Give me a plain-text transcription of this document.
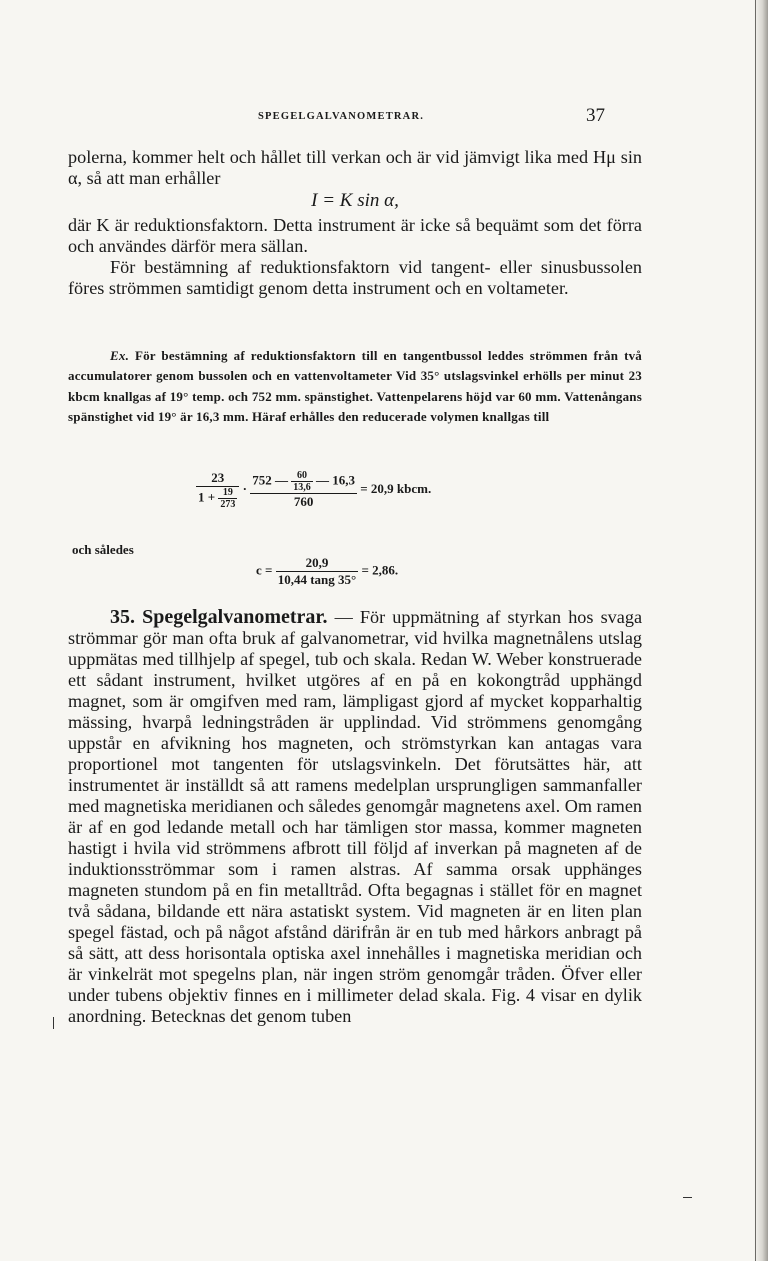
SPEGELGALVANOMETRAR.	37

polerna, kommer helt och hållet till verkan och är vid jämvigt lika med Hμ sin α, så att man erhåller

I = K sin α,

där K är reduktionsfaktorn. Detta instrument är icke så bequämt som det förra och användes därför mera sällan.

För bestämning af reduktionsfaktorn vid tangent- eller sinusbussolen föres strömmen samtidigt genom detta instrument och en voltameter.

Ex. För bestämning af reduktionsfaktorn till en tangentbussol leddes strömmen från två accumulatorer genom bussolen och en vattenvoltameter Vid 35° utslagsvinkel erhölls per minut 23 kbcm knallgas af 19° temp. och 752 mm. spänstighet. Vattenpelarens höjd var 60 mm. Vattenångans spänstighet vid 19° är 16,3 mm. Häraf erhålles den reducerade volymen knallgas till

$\frac{23}{1 + \frac{19}{273}} \cdot \frac{752 — \frac{60}{13,6} — 16,3}{760} = 20,9$ kbcm.
och således
$c = \frac{20,9}{10,44 \tan g 35^\circ} = 2,86$.

35. Spegelgalvanometrar. — För uppmätning af styrkan hos svaga strömmar gör man ofta bruk af galvanometrar, vid hvilka magnetnålens utslag uppmätas med tillhjelp af spegel, tub och skala. Redan W. Weber konstruerade ett sådant instrument, hvilket utgöres af en på en kokongtråd upphängd magnet, som är omgifven med ram, lämpligast gjord af mycket kopparhaltig mässing, hvarpå ledningstråden är upplindad. Vid strömmens genomgång uppstår en afvikning hos magneten, och strömstyrkan kan antagas vara proportionel mot tangenten för utslagsvinkeln. Det förutsättes här, att instrumentet är inställdt så att ramens medelplan ursprungligen sammanfaller med magnetiska meridianen och således genomgår magnetens axel. Om ramen är af en god ledande metall och har tämligen stor massa, kommer magneten hastigt i hvila vid strömmens afbrott till följd af inverkan på magneten af de induktionsströmmar som i ramen alstras. Af samma orsak upphänges magneten stundom på en fin metalltråd. Ofta begagnas i stället för en magnet två sådana, bildande ett nära astatiskt system. Vid magneten är en liten plan spegel fästad, och på något afstånd därifrån är en tub med hårkors anbragt på så sätt, att dess horisontala optiska axel innehålles i magnetiska meridian och är vinkelrät mot spegelns plan, när ingen ström genomgår tråden. Öfver eller under tubens objektiv finnes en i millimeter delad skala. Fig. 4 visar en dylik anordning. Betecknas det genom tuben
